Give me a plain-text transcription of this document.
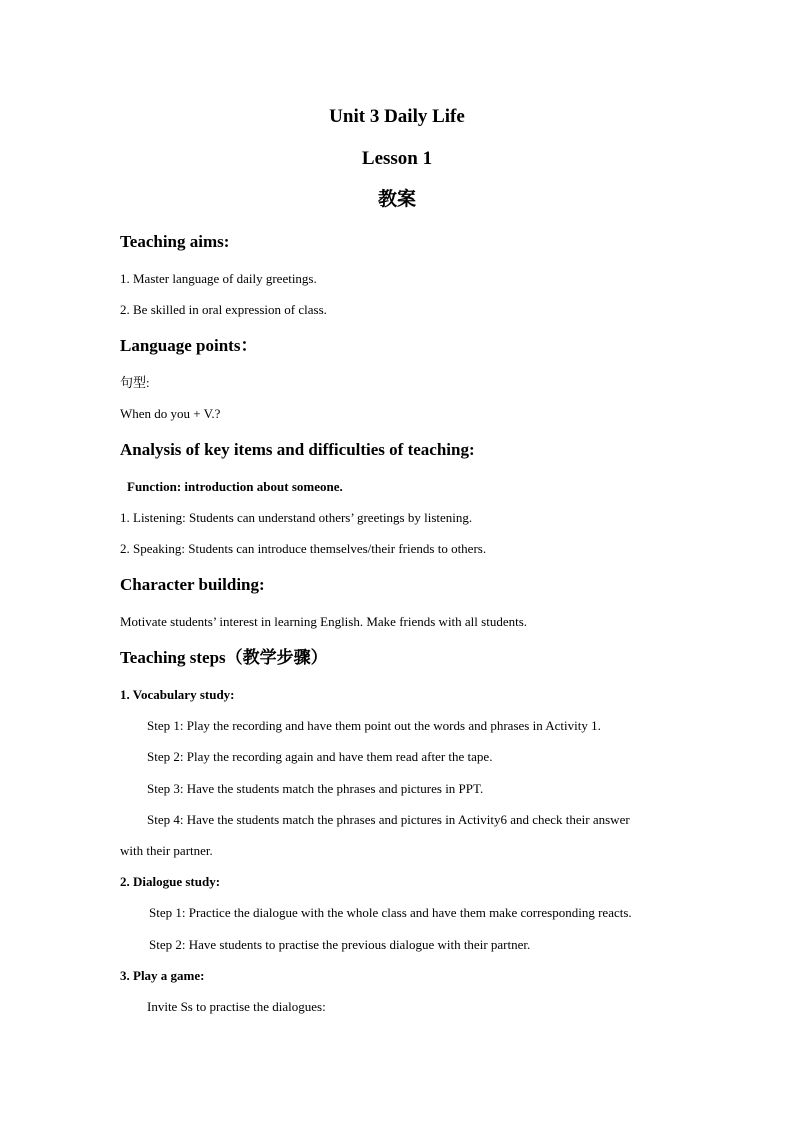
Unit 3 Daily Life
Lesson 1
教案
Teaching aims:
1. Master language of daily greetings.
2. Be skilled in oral expression of class.
Language points：
句型:
When do you + V.?
Analysis of key items and difficulties of teaching:
Function: introduction about someone.
1. Listening: Students can understand others’ greetings by listening.
2. Speaking: Students can introduce themselves/their friends to others.
Character building:
Motivate students’ interest in learning English. Make friends with all students.
Teaching steps（教学步骤）
1. Vocabulary study:
Step 1: Play the recording and have them point out the words and phrases in Activity 1.
Step 2: Play the recording again and have them read after the tape.
Step 3: Have the students match the phrases and pictures in PPT.
Step 4: Have the students match the phrases and pictures in Activity6 and check their answer
with their partner.
2. Dialogue study:
Step 1: Practice the dialogue with the whole class and have them make corresponding reacts.
Step 2: Have students to practise the previous dialogue with their partner.
3. Play a game:
Invite Ss to practise the dialogues:
